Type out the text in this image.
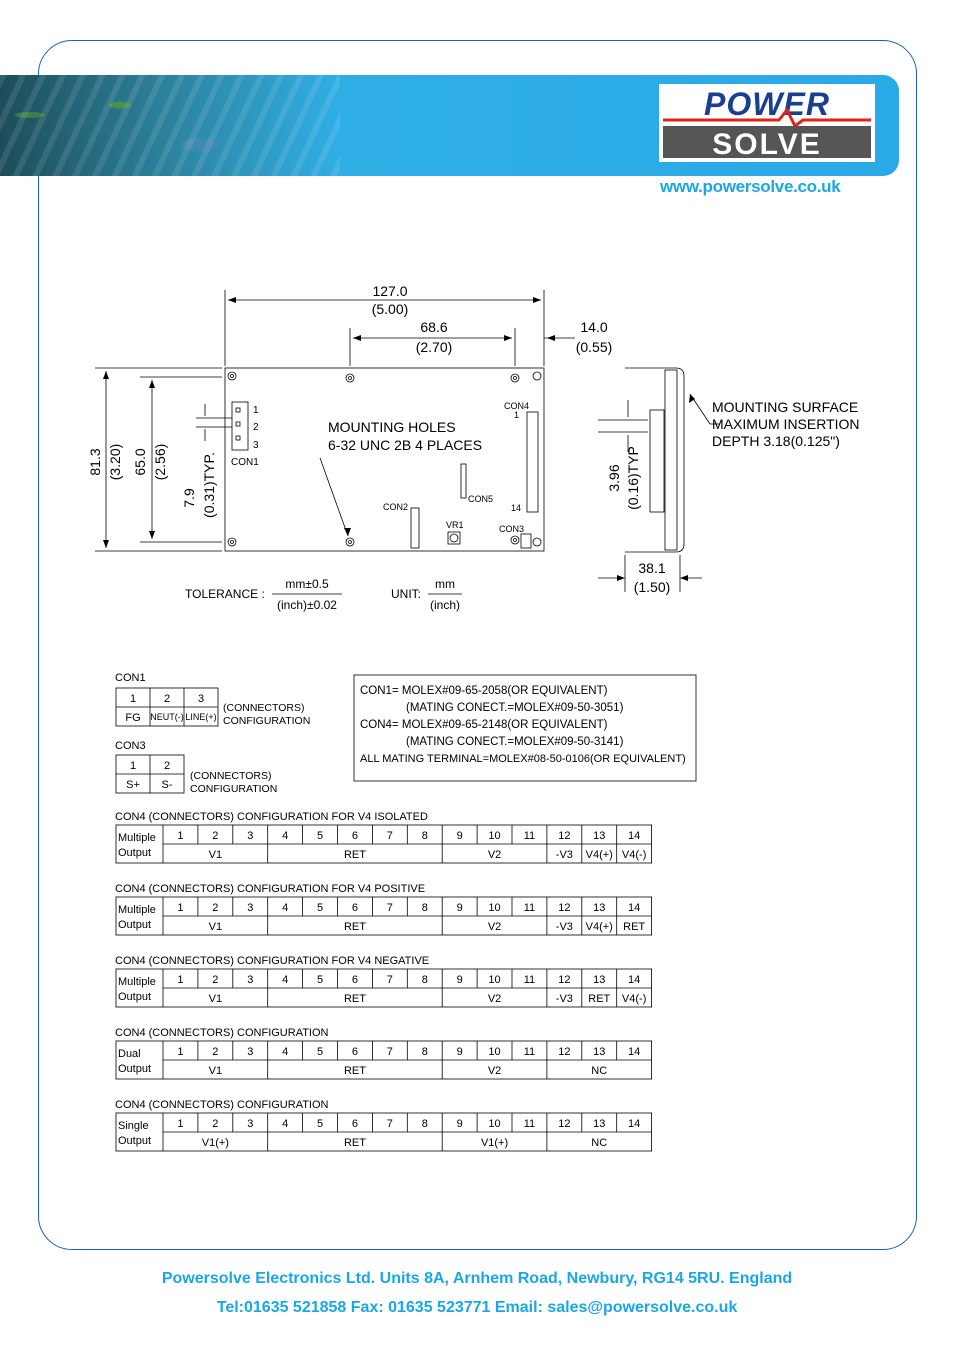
POWER
SOLVE
www.powersolve.co.uk
127.0
(5.00)
68.6
(2.70)
14.0
(0.55)
81.3 (3.20) 65.0 (2.56)
7.9 (0.31)TYP.
MOUNTING HOLES
6-32 UNC 2B 4 PLACES
3.96 (0.16)TYP
MOUNTING SURFACE
MAXIMUM INSERTION
DEPTH 3.18(0.125")
38.1
(1.50)
1
2
3
CON1
CON4
1
14
CON2
CON5
VR1	CON3
TOLERANCE :
mm±0.5
(inch)±0.02
UNIT:
mm
(inch)
CON1
1	2	3
FG NEUT(-) LINE(+)
(CONNECTORS)
CONFIGURATION
CON3
1	2
S+ S-
(CONNECTORS)
CONFIGURATION
CON1= MOLEX#09-65-2058(OR EQUIVALENT)
(MATING CONECT.=MOLEX#09-50-3051)
CON4= MOLEX#09-65-2148(OR EQUIVALENT)
(MATING CONECT.=MOLEX#09-50-3141)
ALL MATING TERMINAL=MOLEX#08-50-0106(OR EQUIVALENT)
CON4 (CONNECTORS) CONFIGURATION FOR V4 ISOLATED
Multiple
Output
1	2	3	4	5	6	7	8	9 10 11 12 13 14
V1	RET	V2	-V3 V4(+) V4(-)
CON4 (CONNECTORS) CONFIGURATION FOR V4 POSITIVE
Multiple
Output
1	2	3	4	5	6	7	8	9 10 11 12 13 14
V1	RET	V2	-V3 V4(+) RET
CON4 (CONNECTORS) CONFIGURATION FOR V4 NEGATIVE
Multiple
Output
1	2	3	4	5	6	7	8	9 10 11 12 13 14
V1	RET	V2	-V3 RET V4(-)
CON4 (CONNECTORS) CONFIGURATION
Dual
Output
1	2	3	4	5	6	7	8	9 10 11 12 13 14
V1	RET	V2	NC
CON4 (CONNECTORS) CONFIGURATION
Single
Output
1	2	3	4	5	6	7	8	9 10 11 12 13 14
V1(+)	RET	V1(+)	NC
Powersolve Electronics Ltd. Units 8A, Arnhem Road, Newbury, RG14 5RU. England
Tel:01635 521858 Fax: 01635 523771 Email: sales@powersolve.co.uk
